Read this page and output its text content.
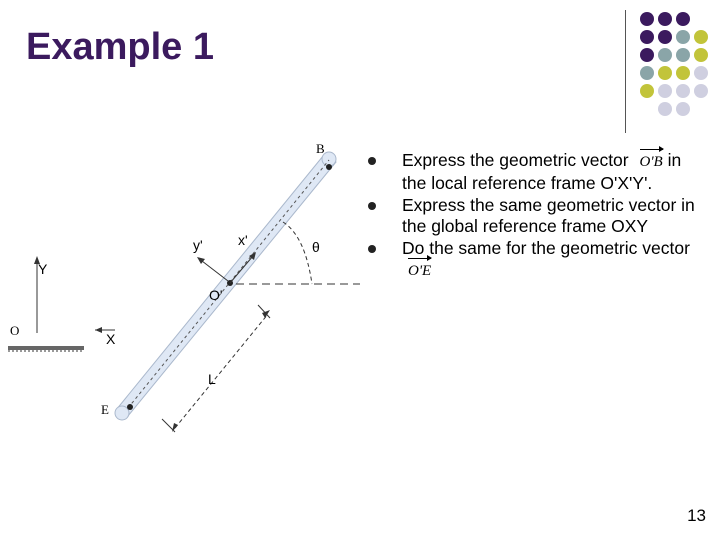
Example 1
B
E
O
O'
Y
X
x'
y'	θ
L
Express the geometric vector O'B in the local reference frame O'X'Y'.
Express the same geometric vector in the global reference frame OXY
Do the same for the geometric vector
O'E
13
